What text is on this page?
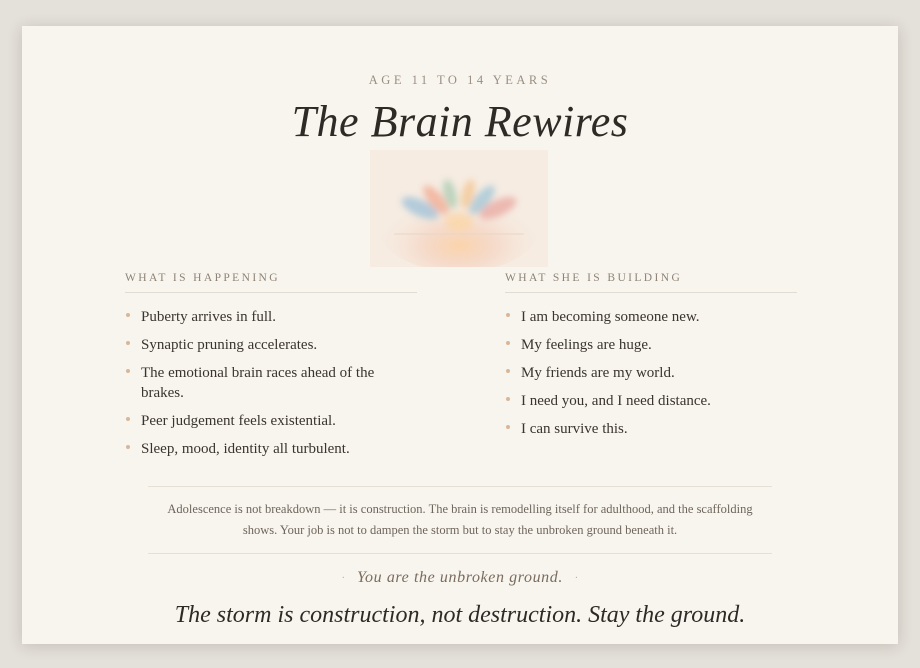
AGE 11 TO 14 YEARS
The Brain Rewires
WHAT IS HAPPENING
Puberty arrives in full.
Synaptic pruning accelerates.
The emotional brain races ahead of the brakes.
Peer judgement feels existential.
Sleep, mood, identity all turbulent.
WHAT SHE IS BUILDING
I am becoming someone new.
My feelings are huge.
My friends are my world.
I need you, and I need distance.
I can survive this.
Adolescence is not breakdown — it is construction. The brain is remodelling itself for adulthood, and the scaffolding shows. Your job is not to dampen the storm but to stay the unbroken ground beneath it.
· You are the unbroken ground. ·
The storm is construction, not destruction. Stay the ground.
